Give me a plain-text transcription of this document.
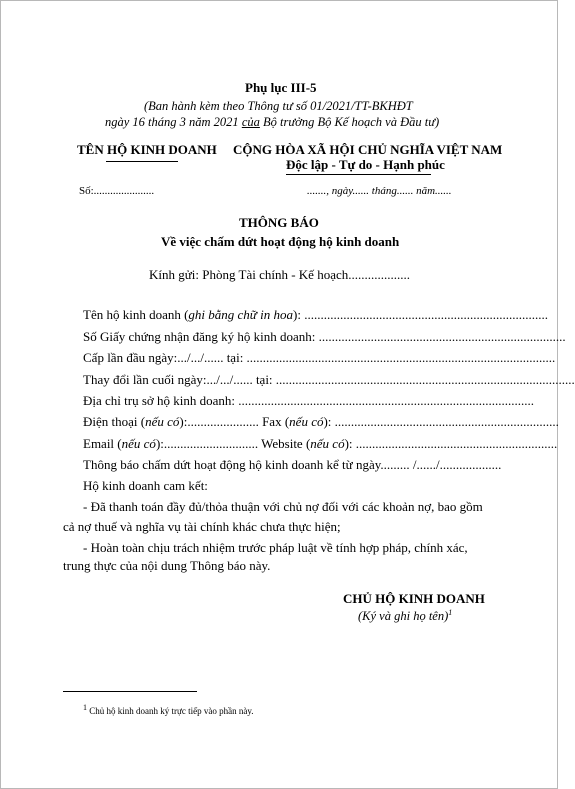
Phụ lục III-5
(Ban hành kèm theo Thông tư số 01/2021/TT-BKHĐT
ngày 16 tháng 3 năm 2021 của Bộ trưởng Bộ Kế hoạch và Đầu tư)
TÊN HỘ KINH DOANH
Số:......................
CỘNG HÒA XÃ HỘI CHỦ NGHĨA VIỆT NAM
Độc lập - Tự do - Hạnh phúc
......., ngày...... tháng...... năm......
THÔNG BÁO
Về việc chấm dứt hoạt động hộ kinh doanh
Kính gửi: Phòng Tài chính - Kế hoạch...................
Tên hộ kinh doanh (ghi bằng chữ in hoa): ...........................................................................
Số Giấy chứng nhận đăng ký hộ kinh doanh: ............................................................................
Cấp lần đầu ngày:.../.../...... tại: ...............................................................................................
Thay đổi lần cuối ngày:.../.../...... tại: ............................................................................................
Địa chỉ trụ sở hộ kinh doanh: ...........................................................................................
Điện thoại (nếu có):...................... Fax (nếu có): .....................................................................
Email (nếu có):............................. Website (nếu có): ..............................................................
Thông báo chấm dứt hoạt động hộ kinh doanh kể từ ngày......... /....../...................
Hộ kinh doanh cam kết:
- Đã thanh toán đầy đủ/thỏa thuận với chủ nợ đối với các khoản nợ, bao gồm
cả nợ thuế và nghĩa vụ tài chính khác chưa thực hiện;
- Hoàn toàn chịu trách nhiệm trước pháp luật về tính hợp pháp, chính xác,
trung thực của nội dung Thông báo này.
CHỦ HỘ KINH DOANH
(Ký và ghi họ tên)$^1$
$^1$ Chủ hộ kinh doanh ký trực tiếp vào phần này.
